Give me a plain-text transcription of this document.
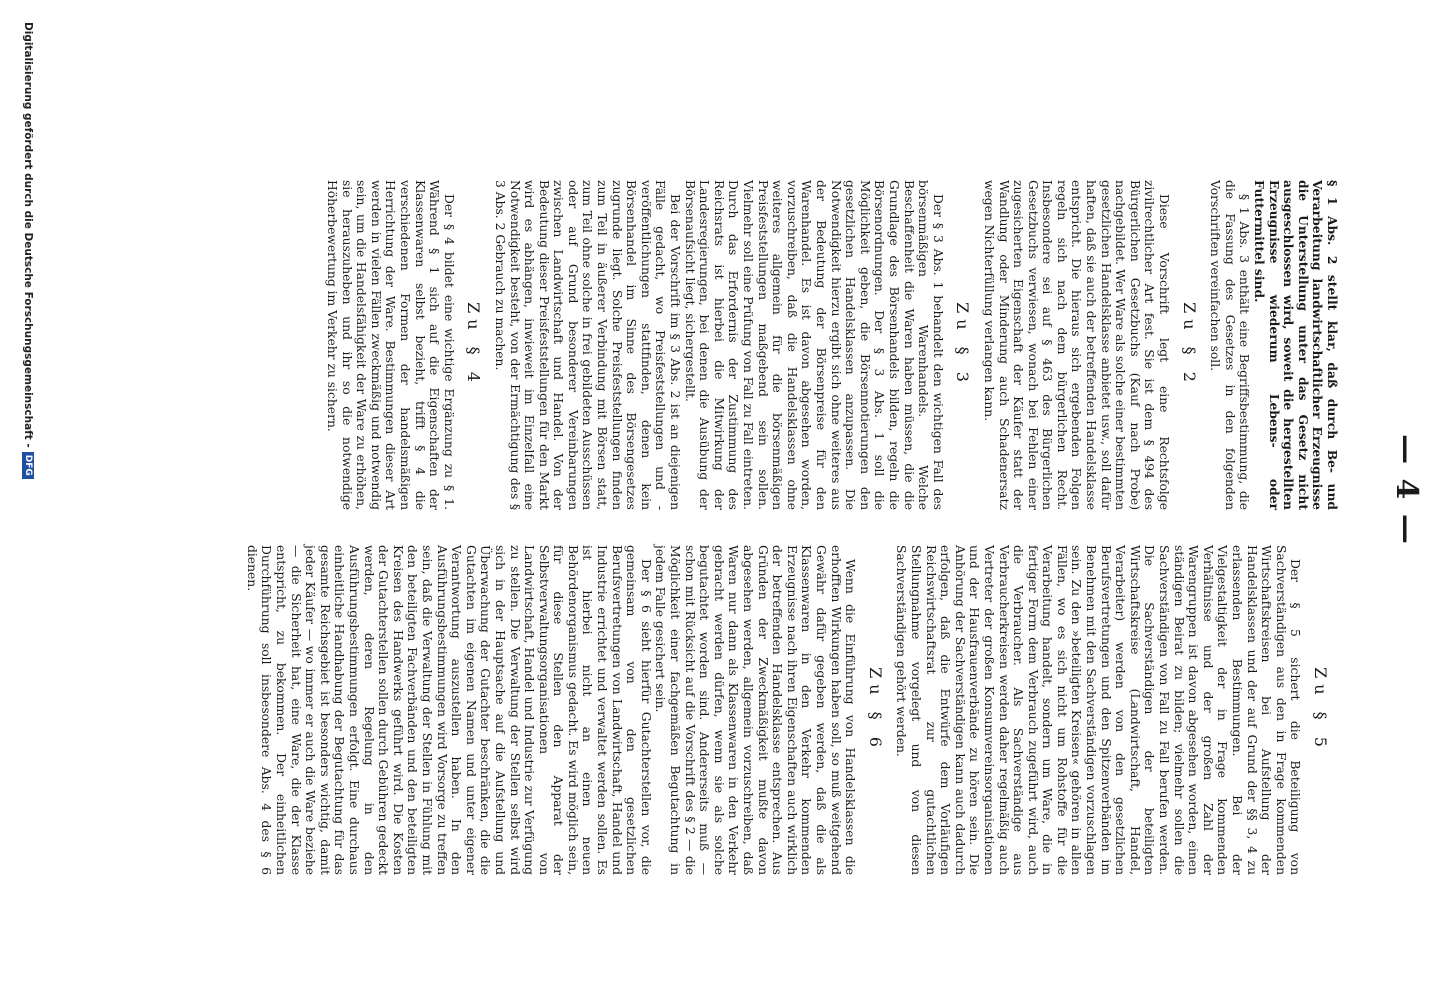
— 4 —

§ 1 Abs. 2 stellt klar, daß durch Be- und Verarbeitung landwirtschaftlicher Erzeugnisse die Unterstellung unter das Gesetz nicht ausgeschlossen wird, soweit die hergestellten Erzeugnisse wiederum Lebens- oder Futtermittel sind.

§ 1 Abs. 3 enthält eine Begriffsbestimmung, die die Fassung des Gesetzes in den folgenden Vorschriften vereinfachen soll.

Zu § 2

Diese Vorschrift legt eine Rechtsfolge zivilrechtlicher Art fest. Sie ist dem § 494 des Bürgerlichen Gesetzbuchs (Kauf nach Probe) nachgebildet. Wer Ware als solche einer bestimmten gesetzlichen Handelsklasse anbietet usw., soll dafür haften, daß sie auch der betreffenden Handelsklasse entspricht. Die hieraus sich ergebenden Folgen regeln sich nach dem bürgerlichen Recht. Insbesondere sei auf § 463 des Bürgerlichen Gesetzbuchs verwiesen, wonach bei Fehlen einer zugesicherten Eigenschaft der Käufer statt der Wandlung oder Minderung auch Schadenersatz wegen Nichterfüllung verlangen kann.

Zu § 3

Der § 3 Abs. 1 behandelt den wichtigen Fall des börsenmäßigen Warenhandels. Welche Beschaffenheit die Waren haben müssen, die die Grundlage des Börsenhandels bilden, regeln die Börsenordnungen. Der § 3 Abs. 1 soll die Möglichkeit geben, die Börsennotierungen den gesetzlichen Handelsklassen anzupassen. Die Notwendigkeit hierzu ergibt sich ohne weiteres aus der Bedeutung der Börsenpreise für den Warenhandel. Es ist davon abgesehen worden, vorzuschreiben, daß die Handelsklassen ohne weiteres allgemein für die börsenmäßigen Preisfeststellungen maßgebend sein sollen. Vielmehr soll eine Prüfung von Fall zu Fall eintreten. Durch das Erfordernis der Zustimmung des Reichsrats ist hierbei die Mitwirkung der Landesregierungen, bei denen die Ausübung der Börsenaufsicht liegt, sichergestellt.

Bei der Vorschrift im § 3 Abs. 2 ist an diejenigen Fälle gedacht, wo Preisfeststellungen und -veröffentlichungen stattfinden, denen kein Börsenhandel im Sinne des Börsengesetzes zugrunde liegt. Solche Preisfeststellungen finden zum Teil in äußerer Verbindung mit Börsen statt, zum Teil ohne solche in frei gebildeten Ausschüssen oder auf Grund besonderer Vereinbarungen zwischen Landwirtschaft und Handel. Von der Bedeutung dieser Preisfeststellungen für den Markt wird es abhängen, inwieweit im Einzelfall eine Notwendigkeit besteht, von der Ermächtigung des § 3 Abs. 2 Gebrauch zu machen.

Zu § 4

Der § 4 bildet eine wichtige Ergänzung zu § 1. Während § 1 sich auf die Eigenschaften der Klassenwaren selbst bezieht, trifft § 4 die verschiedenen Formen der handelsmäßigen Herrichtung der Ware. Bestimmungen dieser Art werden in vielen Fällen zweckmäßig und notwendig sein, um die Handelsfähigkeit der Ware zu erhöhen, sie herauszuheben und ihr so die notwendige Höherbewertung im Verkehr zu sichern.

Zu § 5

Der § 5 sichert die Beteiligung von Sachverständigen aus den in Frage kommenden Wirtschaftskreisen bei Aufstellung der Handelsklassen und der auf Grund der §§ 3, 4 zu erlassenden Bestimmungen. Bei der Vielgestaltigkeit der in Frage kommenden Verhältnisse und der großen Zahl der Warengruppen ist davon abgesehen worden, einen ständigen Beirat zu bilden; vielmehr sollen die Sachverständigen von Fall zu Fall berufen werden. Die Sachverständigen der beteiligten Wirtschaftskreise (Landwirtschaft, Handel, Verarbeiter) werden von den gesetzlichen Berufsvertretungen und den Spitzenverbänden im Benehmen mit den Sachverständigen vorzuschlagen sein. Zu den »beteiligten Kreisen« gehören in allen Fällen, wo es sich nicht um Rohstoffe für die Verarbeitung handelt, sondern um Ware, die in fertiger Form dem Verbrauch zugeführt wird, auch die Verbraucher. Als Sachverständige aus Verbraucherkreisen werden daher regelmäßig auch Vertreter der großen Konsumvereinsorganisationen und der Hausfrauenverbände zu hören sein. Die Anhörung der Sachverständigen kann auch dadurch erfolgen, daß die Entwürfe dem Vorläufigen Reichswirtschaftsrat zur gutachtlichen Stellungnahme vorgelegt und von diesen Sachverständigen gehört werden.

Zu § 6

Wenn die Einführung von Handelsklassen die erhofften Wirkungen haben soll, so muß weitgehend Gewähr dafür gegeben werden, daß die als Klassenwaren in den Verkehr kommenden Erzeugnisse nach ihren Eigenschaften auch wirklich der betreffenden Handelsklasse entsprechen. Aus Gründen der Zweckmäßigkeit mußte davon abgesehen werden, allgemein vorzuschreiben, daß Waren nur dann als Klassenwaren in den Verkehr gebracht werden dürfen, wenn sie als solche begutachtet worden sind. Andererseits muß — schon mit Rücksicht auf die Vorschrift des § 2 — die Möglichkeit einer fachgemäßen Begutachtung in jedem Falle gesichert sein.

Der § 6 sieht hierfür Gutachterstellen vor, die gemeinsam von den gesetzlichen Berufsvertretungen von Landwirtschaft, Handel und Industrie errichtet und verwaltet werden sollen. Es ist hierbei nicht an einen neuen Behördenorganismus gedacht. Es wird möglich sein, für diese Stellen den Apparat der Selbstverwaltungsorganisationen von Landwirtschaft, Handel und Industrie zur Verfügung zu stellen. Die Verwaltung der Stellen selbst wird sich in der Hauptsache auf die Aufstellung und Überwachung der Gutachter beschränken, die die Gutachten im eigenen Namen und unter eigener Verantwortung auszustellen haben. In den Ausführungsbestimmungen wird Vorsorge zu treffen sein, daß die Verwaltung der Stellen in Fühlung mit den beteiligten Fachverbänden und den beteiligten Kreisen des Handwerks geführt wird. Die Kosten der Gutachterstellen sollen durch Gebühren gedeckt werden, deren Regelung in den Ausführungsbestimmungen erfolgt. Eine durchaus einheitliche Handhabung der Begutachtung für das gesamte Reichsgebiet ist besonders wichtig, damit jeder Käufer — wo immer er auch die Ware beziehe — die Sicherheit hat, eine Ware, die der Klasse entspricht, zu bekommen. Der einheitlichen Durchführung soll insbesondere Abs. 4 des § 6 dienen.

Digitalisierung gefördert durch die Deutsche Forschungsgemeinschaft -DFG
